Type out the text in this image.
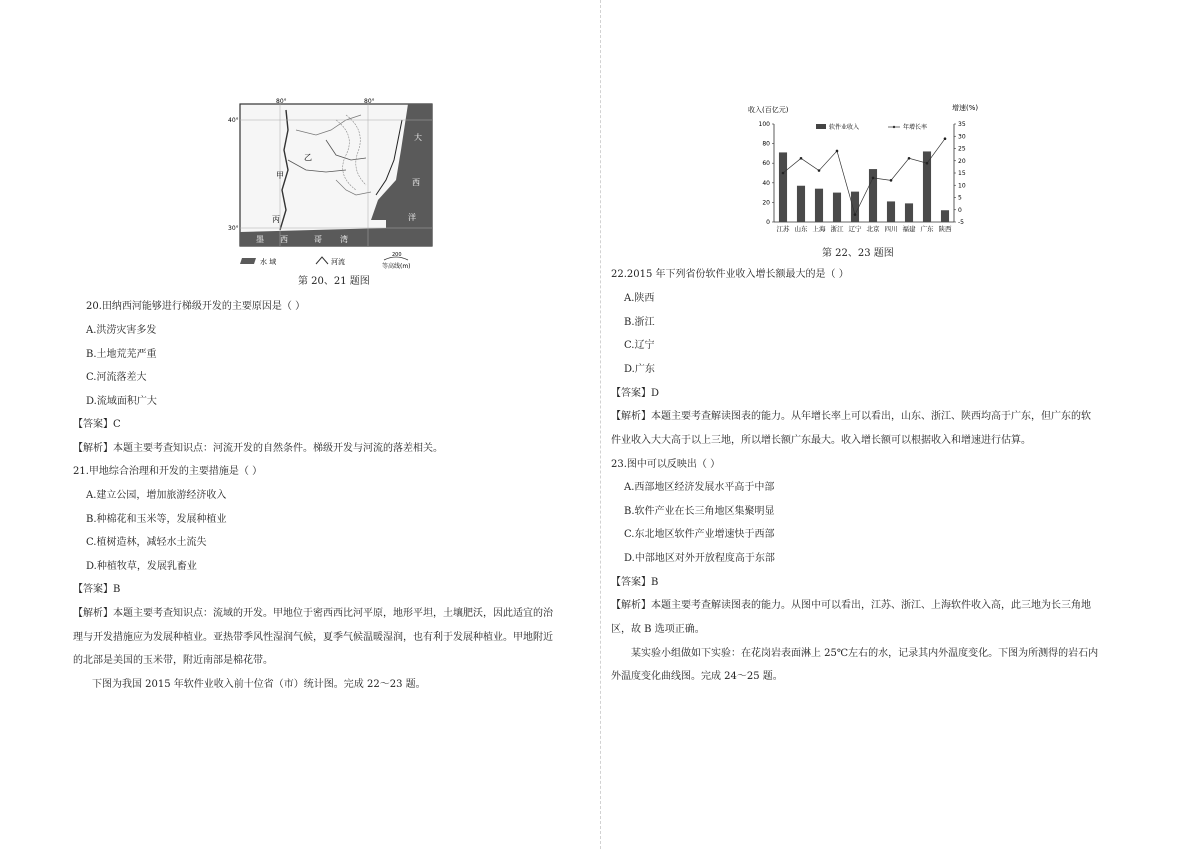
80°	80°
40°
30°
大
西
洋
墨 西	哥 湾
甲
乙
丙
水 域	河流
200
等高线(m)
第 20、21 题图
20.田纳西河能够进行梯级开发的主要原因是（ ）
A.洪涝灾害多发
B.土地荒芜严重
C.河流落差大
D.流域面积广大
【答案】C
【解析】本题主要考查知识点：河流开发的自然条件。梯级开发与河流的落差相关。
21.甲地综合治理和开发的主要措施是（ ）
A.建立公园，增加旅游经济收入
B.种棉花和玉米等，发展种植业
C.植树造林，减轻水土流失
D.种植牧草，发展乳畜业
【答案】B
【解析】本题主要考查知识点：流域的开发。甲地位于密西西比河平原，地形平坦，土壤肥沃，因此适宜的治
理与开发措施应为发展种植业。亚热带季风性湿润气候，夏季气候温暖湿润，也有利于发展种植业。甲地附近
的北部是美国的玉米带，附近南部是棉花带。
下图为我国 2015 年软件业收入前十位省（市）统计图。完成 22～23 题。
0
20
40
60
80
100
-5
0
5
10
15
20
25
30
35
收入(百亿元)	增速(%)
软件业收入	年增长率
江苏 山东 上海 浙江 辽宁 北京 四川 福建 广东 陕西
第 22、23 题图
22.2015 年下列省份软件业收入增长额最大的是（ ）
A.陕西
B.浙江
C.辽宁
D.广东
【答案】D
【解析】本题主要考查解读图表的能力。从年增长率上可以看出，山东、浙江、陕西均高于广东，但广东的软
件业收入大大高于以上三地，所以增长额广东最大。收入增长额可以根据收入和增速进行估算。
23.图中可以反映出（ ）
A.西部地区经济发展水平高于中部
B.软件产业在长三角地区集聚明显
C.东北地区软件产业增速快于西部
D.中部地区对外开放程度高于东部
【答案】B
【解析】本题主要考查解读图表的能力。从图中可以看出，江苏、浙江、上海软件收入高，此三地为长三角地
区，故 B 选项正确。
某实验小组做如下实验：在花岗岩表面淋上 25℃左右的水，记录其内外温度变化。下图为所测得的岩石内
外温度变化曲线图。完成 24～25 题。
